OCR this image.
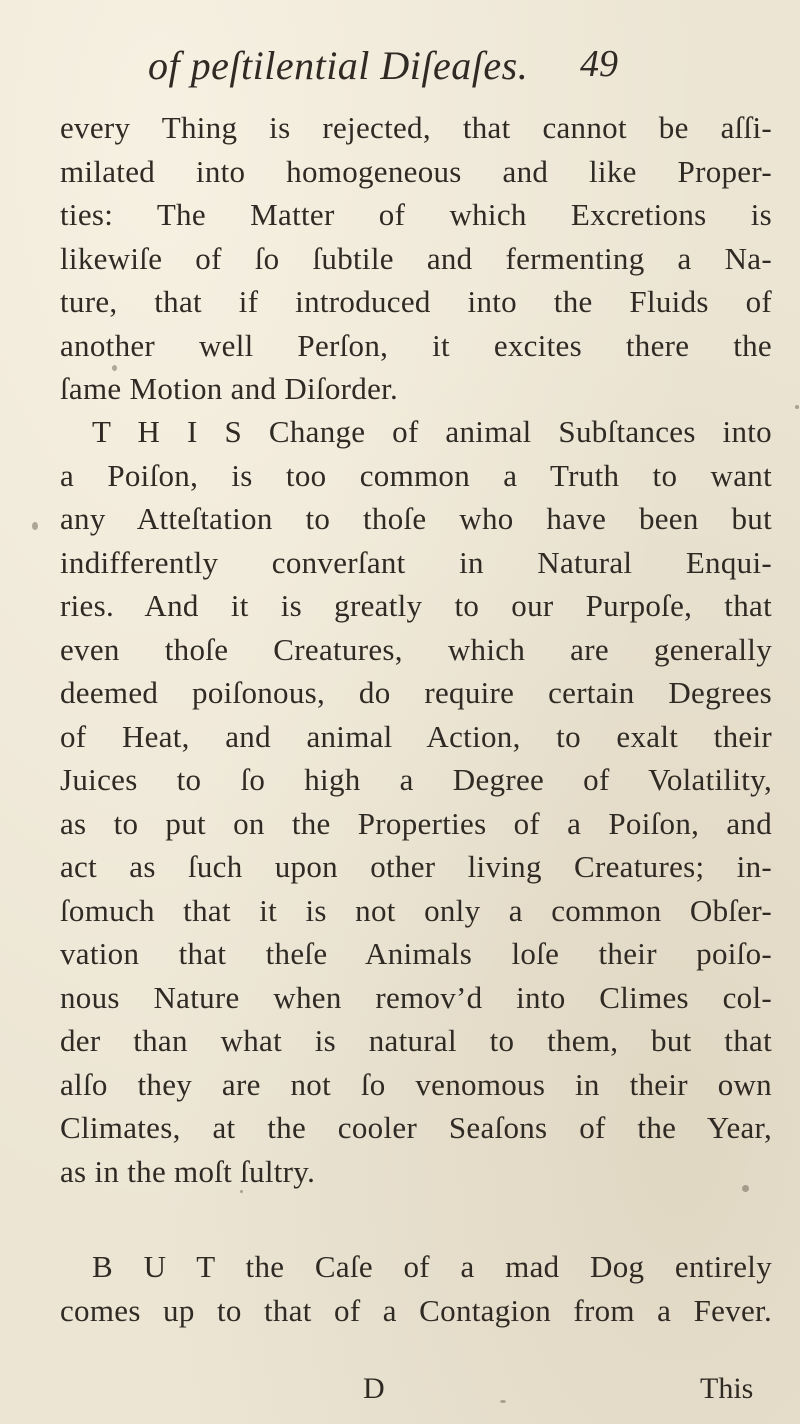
of peſtilential Diſeaſes. 49
every Thing is rejected, that cannot be aſſi-
milated into homogeneous and like Proper-
ties: The Matter of which Excretions is
likewiſe of ſo ſubtile and fermenting a Na-
ture, that if introduced into the Fluids of
another well Perſon, it excites there the
ſame Motion and Diſorder.
T H I S Change of animal Subſtances into
a Poiſon, is too common a Truth to want
any Atteſtation to thoſe who have been but
indifferently converſant in Natural Enqui-
ries. And it is greatly to our Purpoſe, that
even thoſe Creatures, which are generally
deemed poiſonous, do require certain Degrees
of Heat, and animal Action, to exalt their
Juices to ſo high a Degree of Volatility,
as to put on the Properties of a Poiſon, and
act as ſuch upon other living Creatures; in-
ſomuch that it is not only a common Obſer-
vation that theſe Animals loſe their poiſo-
nous Nature when remov’d into Climes col-
der than what is natural to them, but that
alſo they are not ſo venomous in their own
Climates, at the cooler Seaſons of the Year,
as in the moſt ſultry.
B U T the Caſe of a mad Dog entirely
comes up to that of a Contagion from a Fever.
D	This
